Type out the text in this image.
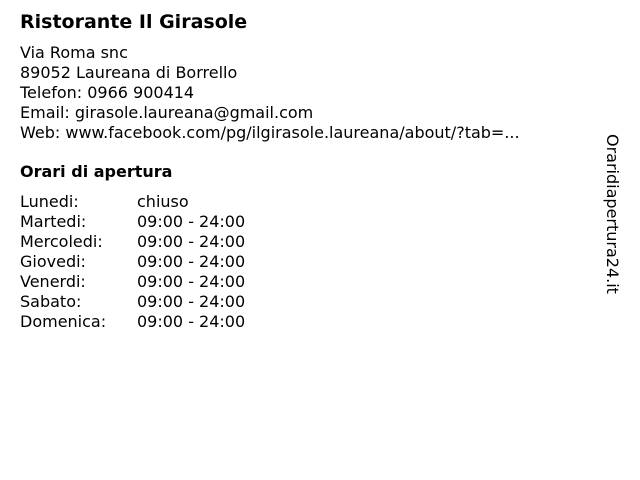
Ristorante Il Girasole
Via Roma snc
89052 Laureana di Borrello
Telefon: 0966 900414
Email: girasole.laureana@gmail.com
Web: www.facebook.com/pg/ilgirasole.laureana/about/?tab=...
Orari di apertura
Lunedi:	chiuso
Martedi:	09:00 - 24:00
Mercoledi:	09:00 - 24:00
Giovedi:	09:00 - 24:00
Venerdi:	09:00 - 24:00
Sabato:	09:00 - 24:00
Domenica:	09:00 - 24:00
Oraridiapertura24.it
